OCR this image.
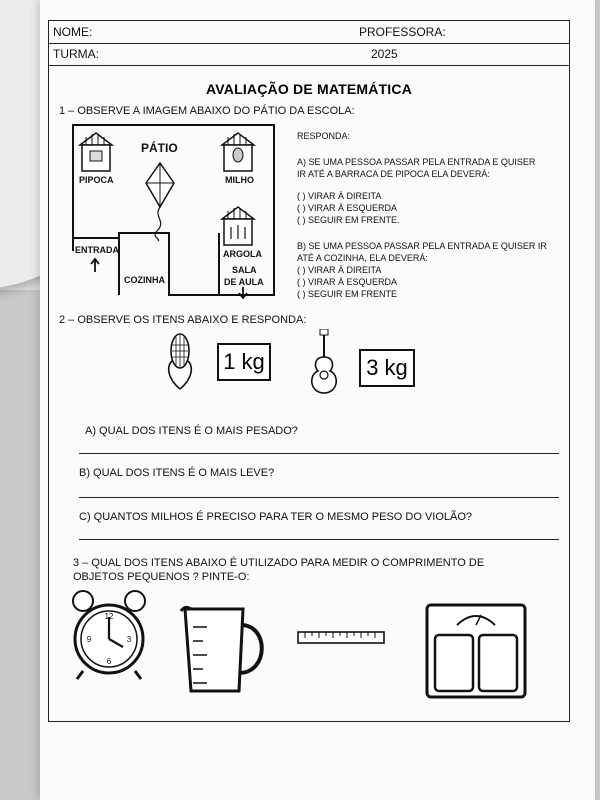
NOME:	PROFESSORA:
TURMA:	2025
AVALIAÇÃO DE MATEMÁTICA
1 – OBSERVE A IMAGEM ABAIXO DO PÁTIO DA ESCOLA:
PIPOCA
PÁTIO
MILHO
ARGOLA
ENTRADA
COZINHA
SALA
DE AULA
RESPONDA:
A) SE UMA PESSOA PASSAR PELA ENTRADA E QUISER
IR ATÉ A BARRACA DE PIPOCA ELA DEVERÁ:
( ) VIRAR À DIREITA
( ) VIRAR À ESQUERDA
( ) SEGUIR EM FRENTE.
B) SE UMA PESSOA PASSAR PELA ENTRADA E QUISER IR
ATÉ A COZINHA, ELA DEVERÁ:
( ) VIRAR À DIREITA
( ) VIRAR À ESQUERDA
( ) SEGUIR EM FRENTE
2 – OBSERVE OS ITENS ABAIXO E RESPONDA:
1 kg	3 kg
A) QUAL DOS ITENS É O MAIS PESADO?
B) QUAL DOS ITENS É O MAIS LEVE?
C) QUANTOS MILHOS É PRECISO PARA TER O MESMO PESO DO VIOLÃO?
3 – QUAL DOS ITENS ABAIXO É UTILIZADO PARA MEDIR O COMPRIMENTO DE
OBJETOS PEQUENOS ? PINTE-O:
12
3
6
9
